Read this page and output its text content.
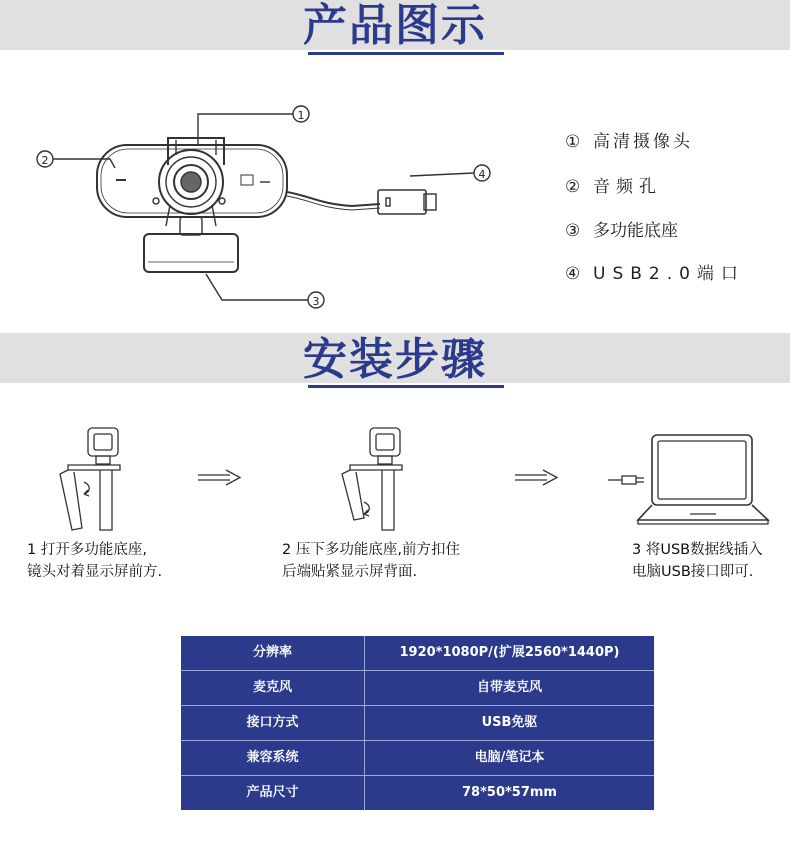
产品图示
1
2
4
3
① 高清摄像头
② 音频孔
③ 多功能底座
④ USB2.0端口
安装步骤
1 打开多功能底座,
镜头对着显示屏前方.
2 压下多功能底座,前方扣住
后端贴紧显示屏背面.
3 将USB数据线插入
电脑USB接口即可.
分辨率	1920*1080P/(扩展2560*1440P)
麦克风	自带麦克风
接口方式	USB免驱
兼容系统	电脑/笔记本
产品尺寸	78*50*57mm
